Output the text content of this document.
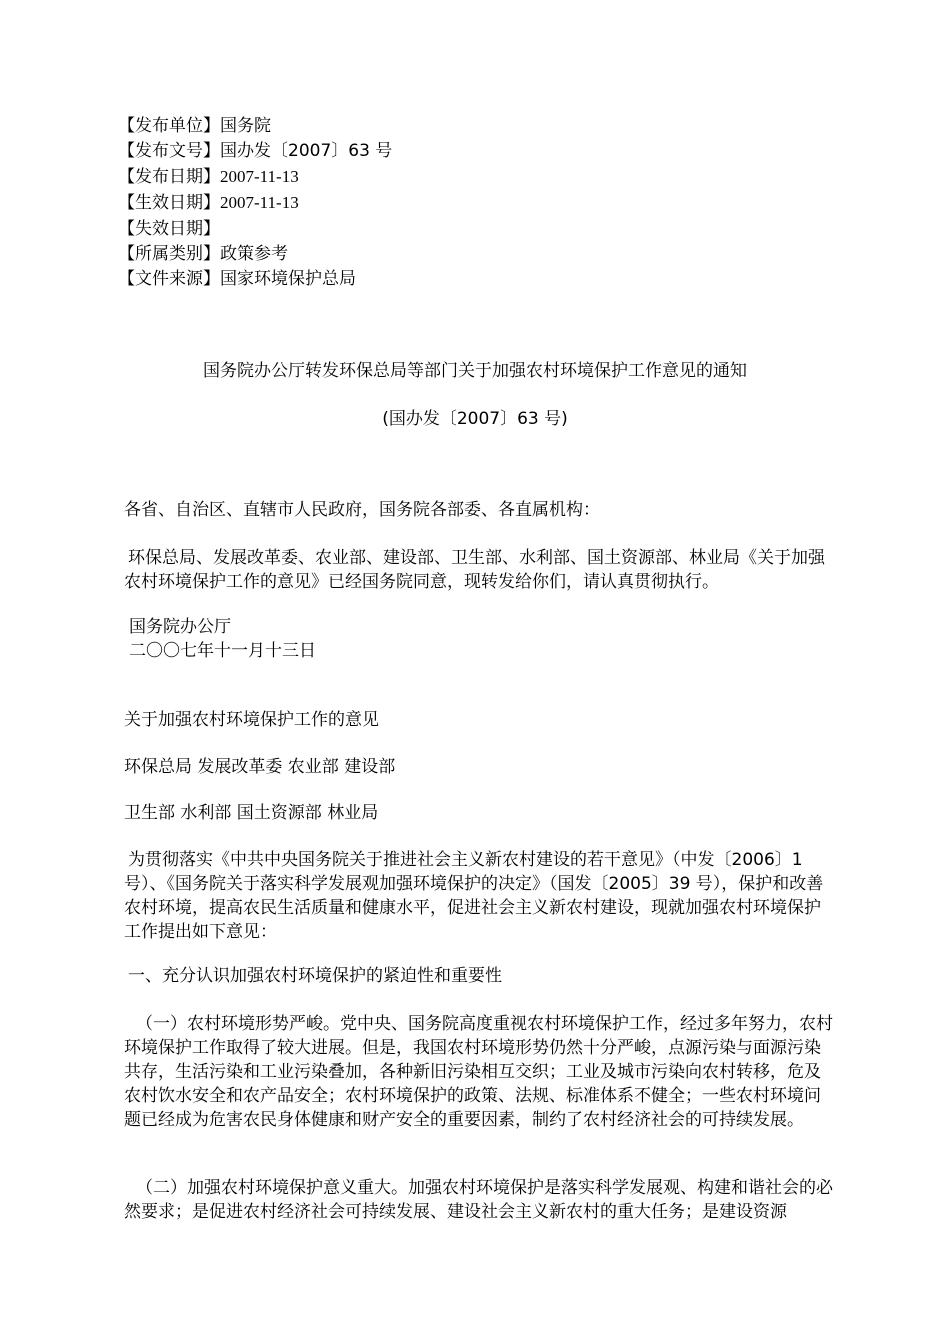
【发布单位】国务院
【发布文号】国办发〔2007〕63 号
【发布日期】2007-11-13
【生效日期】2007-11-13
【失效日期】
【所属类别】政策参考
【文件来源】国家环境保护总局
国务院办公厅转发环保总局等部门关于加强农村环境保护工作意见的通知
(国办发〔2007〕63 号)
各省、自治区、直辖市人民政府，国务院各部委、各直属机构：
环保总局、发展改革委、农业部、建设部、卫生部、水利部、国土资源部、林业局《关于加强农村环境保护工作的意见》已经国务院同意，现转发给你们，请认真贯彻执行。
国务院办公厅
二〇〇七年十一月十三日
关于加强农村环境保护工作的意见
环保总局 发展改革委 农业部 建设部
卫生部 水利部 国土资源部 林业局
为贯彻落实《中共中央国务院关于推进社会主义新农村建设的若干意见》（中发〔2006〕1号）、《国务院关于落实科学发展观加强环境保护的决定》（国发〔2005〕39 号），保护和改善农村环境，提高农民生活质量和健康水平，促进社会主义新农村建设，现就加强农村环境保护工作提出如下意见：
一、充分认识加强农村环境保护的紧迫性和重要性
（一）农村环境形势严峻。党中央、国务院高度重视农村环境保护工作，经过多年努力，农村环境保护工作取得了较大进展。但是，我国农村环境形势仍然十分严峻，点源污染与面源污染共存，生活污染和工业污染叠加，各种新旧污染相互交织；工业及城市污染向农村转移，危及农村饮水安全和农产品安全；农村环境保护的政策、法规、标准体系不健全；一些农村环境问题已经成为危害农民身体健康和财产安全的重要因素，制约了农村经济社会的可持续发展。
（二）加强农村环境保护意义重大。加强农村环境保护是落实科学发展观、构建和谐社会的必然要求；是促进农村经济社会可持续发展、建设社会主义新农村的重大任务；是建设资源
